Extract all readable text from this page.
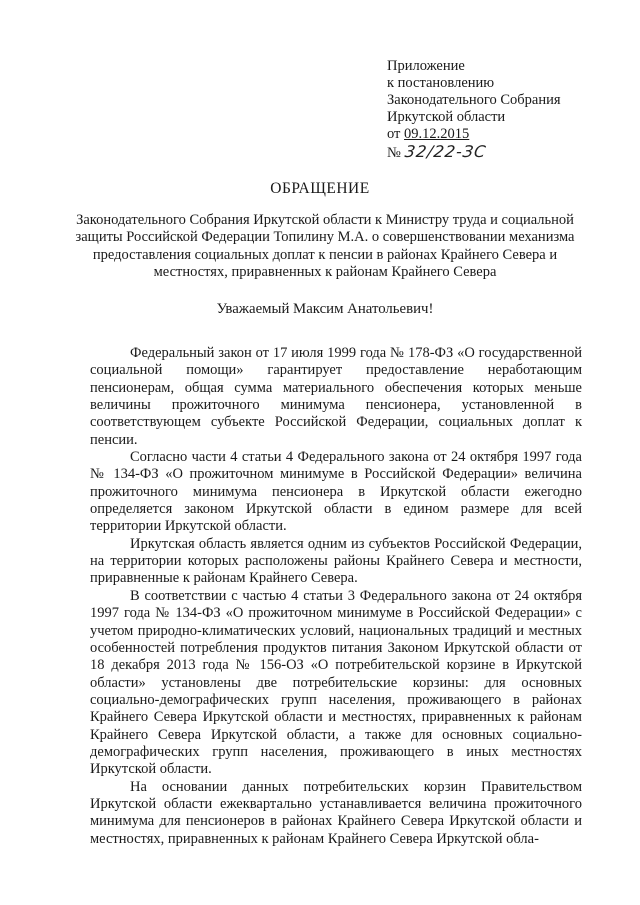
Приложение
к постановлению
Законодательного Собрания
Иркутской области
от 09.12.2015
№ 32/22-ЗС
ОБРАЩЕНИЕ
Законодательного Собрания Иркутской области к Министру труда и социальной защиты Российской Федерации Топилину М.А. о совершенствовании механизма предоставления социальных доплат к пенсии в районах Крайнего Севера и местностях, приравненных к районам Крайнего Севера
Уважаемый Максим Анатольевич!

Федеральный закон от 17 июля 1999 года № 178-ФЗ «О государственной социальной помощи» гарантирует предоставление неработающим пенсионерам, общая сумма материального обеспечения которых меньше величины прожиточного минимума пенсионера, установленной в соответствующем субъекте Российской Федерации, социальных доплат к пенсии.

Согласно части 4 статьи 4 Федерального закона от 24 октября 1997 года № 134-ФЗ «О прожиточном минимуме в Российской Федерации» величина прожиточного минимума пенсионера в Иркутской области ежегодно определяется законом Иркутской области в едином размере для всей территории Иркутской области.

Иркутская область является одним из субъектов Российской Федерации, на территории которых расположены районы Крайнего Севера и местности, приравненные к районам Крайнего Севера.

В соответствии с частью 4 статьи 3 Федерального закона от 24 октября 1997 года № 134-ФЗ «О прожиточном минимуме в Российской Федерации» с учетом природно-климатических условий, национальных традиций и местных особенностей потребления продуктов питания Законом Иркутской области от 18 декабря 2013 года № 156-ОЗ «О потребительской корзине в Иркутской области» установлены две потребительские корзины: для основных социально-демографических групп населения, проживающего в районах Крайнего Севера Иркутской области и местностях, приравненных к районам Крайнего Севера Иркутской области, а также для основных социально-демографических групп населения, проживающего в иных местностях Иркутской области.

На основании данных потребительских корзин Правительством Иркутской области ежеквартально устанавливается величина прожиточного минимума для пенсионеров в районах Крайнего Севера Иркутской области и местностях, приравненных к районам Крайнего Севера Иркутской обла-
